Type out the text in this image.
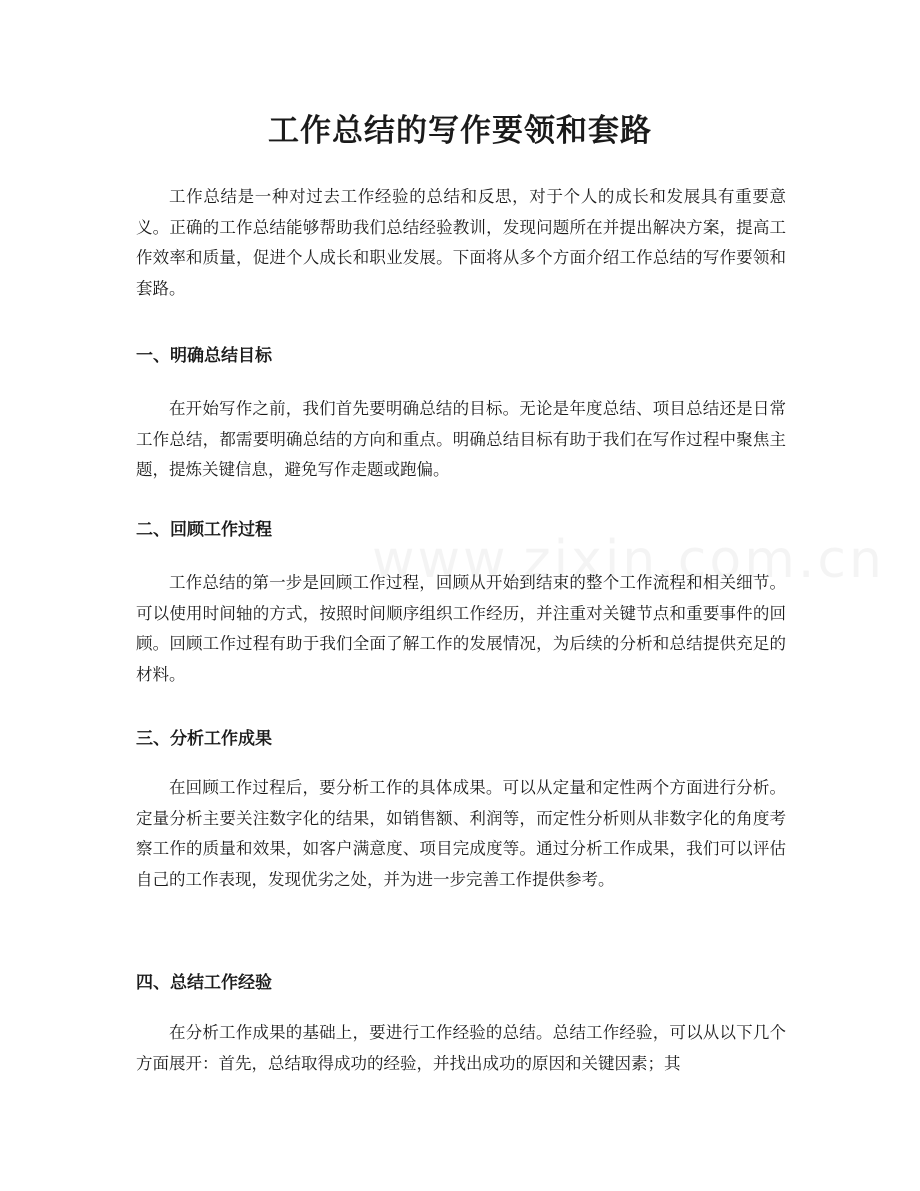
工作总结的写作要领和套路

工作总结是一种对过去工作经验的总结和反思，对于个人的成长和发展具有重要意义。正确的工作总结能够帮助我们总结经验教训，发现问题所在并提出解决方案，提高工作效率和质量，促进个人成长和职业发展。下面将从多个方面介绍工作总结的写作要领和套路。

一、明确总结目标

在开始写作之前，我们首先要明确总结的目标。无论是年度总结、项目总结还是日常工作总结，都需要明确总结的方向和重点。明确总结目标有助于我们在写作过程中聚焦主题，提炼关键信息，避免写作走题或跑偏。

二、回顾工作过程

工作总结的第一步是回顾工作过程，回顾从开始到结束的整个工作流程和相关细节。可以使用时间轴的方式，按照时间顺序组织工作经历，并注重对关键节点和重要事件的回顾。回顾工作过程有助于我们全面了解工作的发展情况，为后续的分析和总结提供充足的材料。

三、分析工作成果

在回顾工作过程后，要分析工作的具体成果。可以从定量和定性两个方面进行分析。定量分析主要关注数字化的结果，如销售额、利润等，而定性分析则从非数字化的角度考察工作的质量和效果，如客户满意度、项目完成度等。通过分析工作成果，我们可以评估自己的工作表现，发现优劣之处，并为进一步完善工作提供参考。

四、总结工作经验

在分析工作成果的基础上，要进行工作经验的总结。总结工作经验，可以从以下几个方面展开：首先，总结取得成功的经验，并找出成功的原因和关键因素；其
